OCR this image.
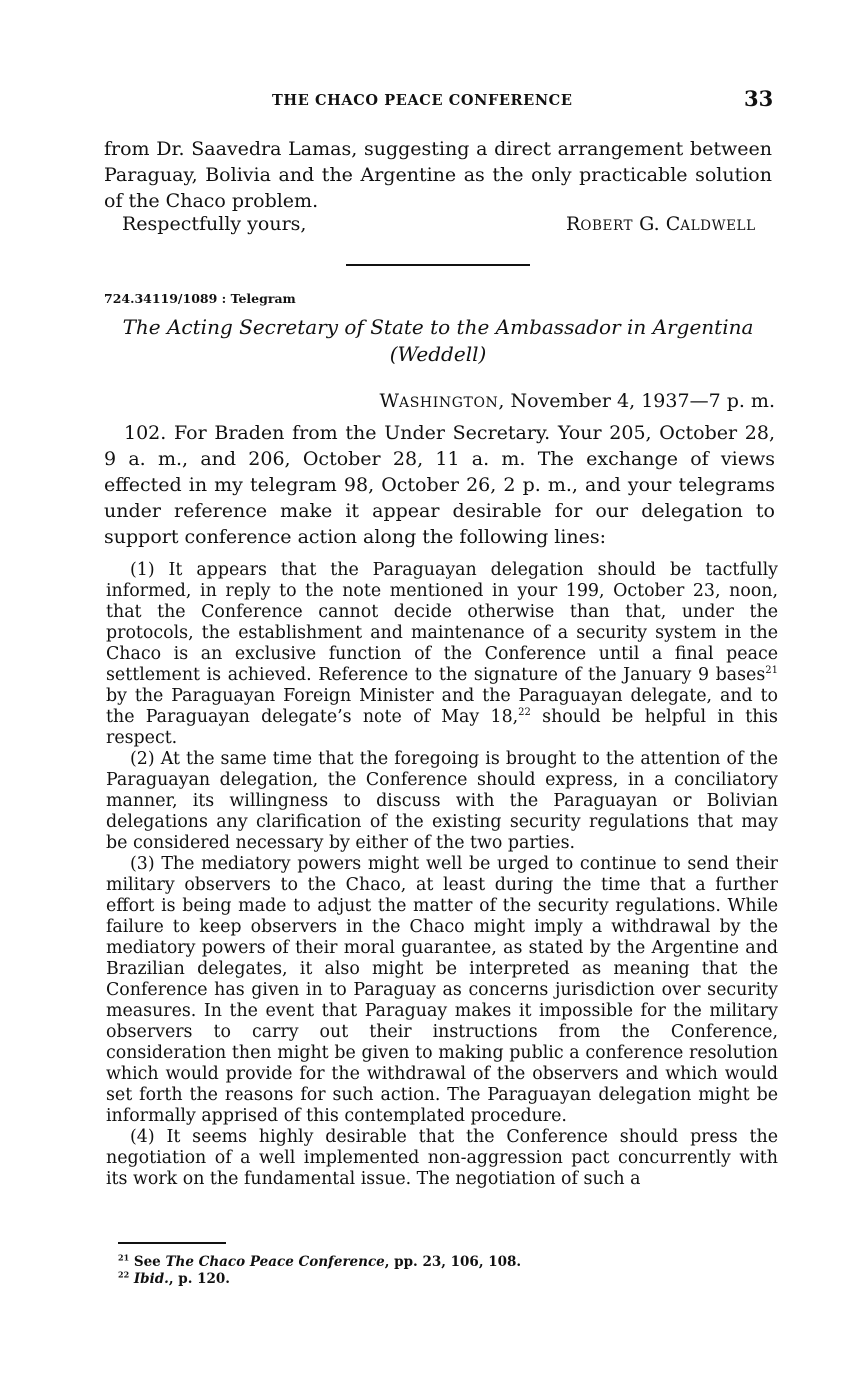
THE CHACO PEACE CONFERENCE	33
from Dr. Saavedra Lamas, suggesting a direct arrangement between Paraguay, Bolivia and the Argentine as the only practicable solution of the Chaco problem.
Respectfully yours,	ROBERT G. CALDWELL
724.34119/1089 : Telegram
The Acting Secretary of State to the Ambassador in Argentina
(Weddell)
WASHINGTON, November 4, 1937—7 p. m.
102. For Braden from the Under Secretary. Your 205, October 28, 9 a. m., and 206, October 28, 11 a. m. The exchange of views effected in my telegram 98, October 26, 2 p. m., and your telegrams under reference make it appear desirable for our delegation to support conference action along the following lines:

(1) It appears that the Paraguayan delegation should be tactfully informed, in reply to the note mentioned in your 199, October 23, noon, that the Conference cannot decide otherwise than that, under the protocols, the establishment and maintenance of a security system in the Chaco is an exclusive function of the Conference until a final peace settlement is achieved. Reference to the signature of the January 9 bases$^{21}$ by the Paraguayan Foreign Minister and the Paraguayan delegate, and to the Paraguayan delegate’s note of May 18,22 should be helpful in this respect.

(2) At the same time that the foregoing is brought to the attention of the Paraguayan delegation, the Conference should express, in a conciliatory manner, its willingness to discuss with the Paraguayan or Bolivian delegations any clarification of the existing security regulations that may be considered necessary by either of the two parties.

(3) The mediatory powers might well be urged to continue to send their military observers to the Chaco, at least during the time that a further effort is being made to adjust the matter of the security regulations. While failure to keep observers in the Chaco might imply a withdrawal by the mediatory powers of their moral guarantee, as stated by the Argentine and Brazilian delegates, it also might be interpreted as meaning that the Conference has given in to Paraguay as concerns jurisdiction over security measures. In the event that Paraguay makes it impossible for the military observers to carry out their instructions from the Conference, consideration then might be given to making public a conference resolution which would provide for the withdrawal of the observers and which would set forth the reasons for such action. The Paraguayan delegation might be informally apprised of this contemplated procedure.

(4) It seems highly desirable that the Conference should press the negotiation of a well implemented non-aggression pact concurrently with its work on the fundamental issue. The negotiation of such a

$^{21}$ See The Chaco Peace Conference, pp. 23, 106, 108.
$^{22}$ Ibid., p. 120.
